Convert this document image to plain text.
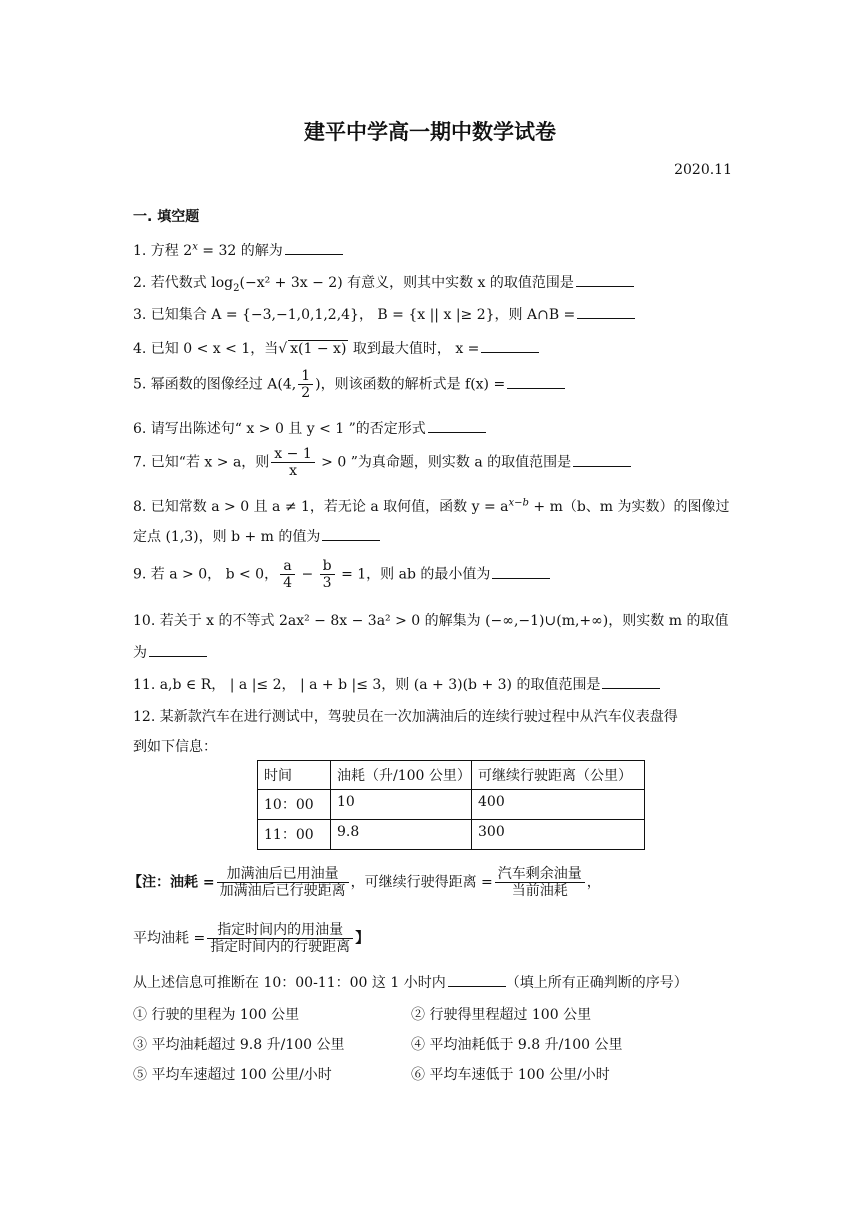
建平中学高一期中数学试卷
2020.11
一. 填空题
1. 方程 $2^x = 32$ 的解为
2. 若代数式 $\log_2(-x^2 + 3x - 2)$ 有意义，则其中实数 x 的取值范围是
3. 已知集合 A = {−3,−1,0,1,2,4}， B = {x || x |≥ 2}，则 A∩B =
4. 已知 0 < x < 1，当√ x(1 − x) 取到最大值时， x =
5. 幂函数的图像经过 A(4, $\frac{1}{2}$ )，则该函数的解析式是 f(x) =
6. 请写出陈述句“ x > 0 且 y < 1 ”的否定形式
7. 已知“若 x > a，则 $\frac{x - 1}{x} > 0$ ”为真命题，则实数 a 的取值范围是
8. 已知常数 a > 0 且 a ≠ 1，若无论 a 取何值，函数 $y = a^{x-b} + m(b$、m 为实数）的图像过
定点 (1,3)，则 b + m 的值为
9. 若 a > 0， b < 0， $\frac{a}{4} - \frac{b}{3} = 1$，则 ab 的最小值为
10. 若关于 x 的不等式 2ax² − 8x − 3a² > 0 的解集为 (−∞,−1)∪(m,+∞)，则实数 m 的取值
为
11. a,b ∈ R， | a |≤ 2， | a + b |≤ 3，则 (a + 3)(b + 3) 的取值范围是
12. 某新款汽车在进行测试中，驾驶员在一次加满油后的连续行驶过程中从汽车仪表盘得
到如下信息：
时间	油耗（升/100 公里）	可继续行驶距离（公里）
10：00	10	400
11：00	9.8	300
【注：油耗 = $\frac{\text{加满油后已用油量}}{\text{加满油后已行驶距离}}$ ，可继续行驶得距离 = $\frac{\text{汽车剩余油量}}{\text{当前油耗}}$ ，
平均油耗 = $\frac{\text{指定时间内的用油量}}{\text{指定时间内的行驶距离}}$ 】
从上述信息可推断在 10：00-11：00 这 1 小时内	（填上所有正确判断的序号）
① 行驶的里程为 100 公里	② 行驶得里程超过 100 公里
③ 平均油耗超过 9.8 升/100 公里	④ 平均油耗低于 9.8 升/100 公里
⑤ 平均车速超过 100 公里/小时	⑥ 平均车速低于 100 公里/小时
